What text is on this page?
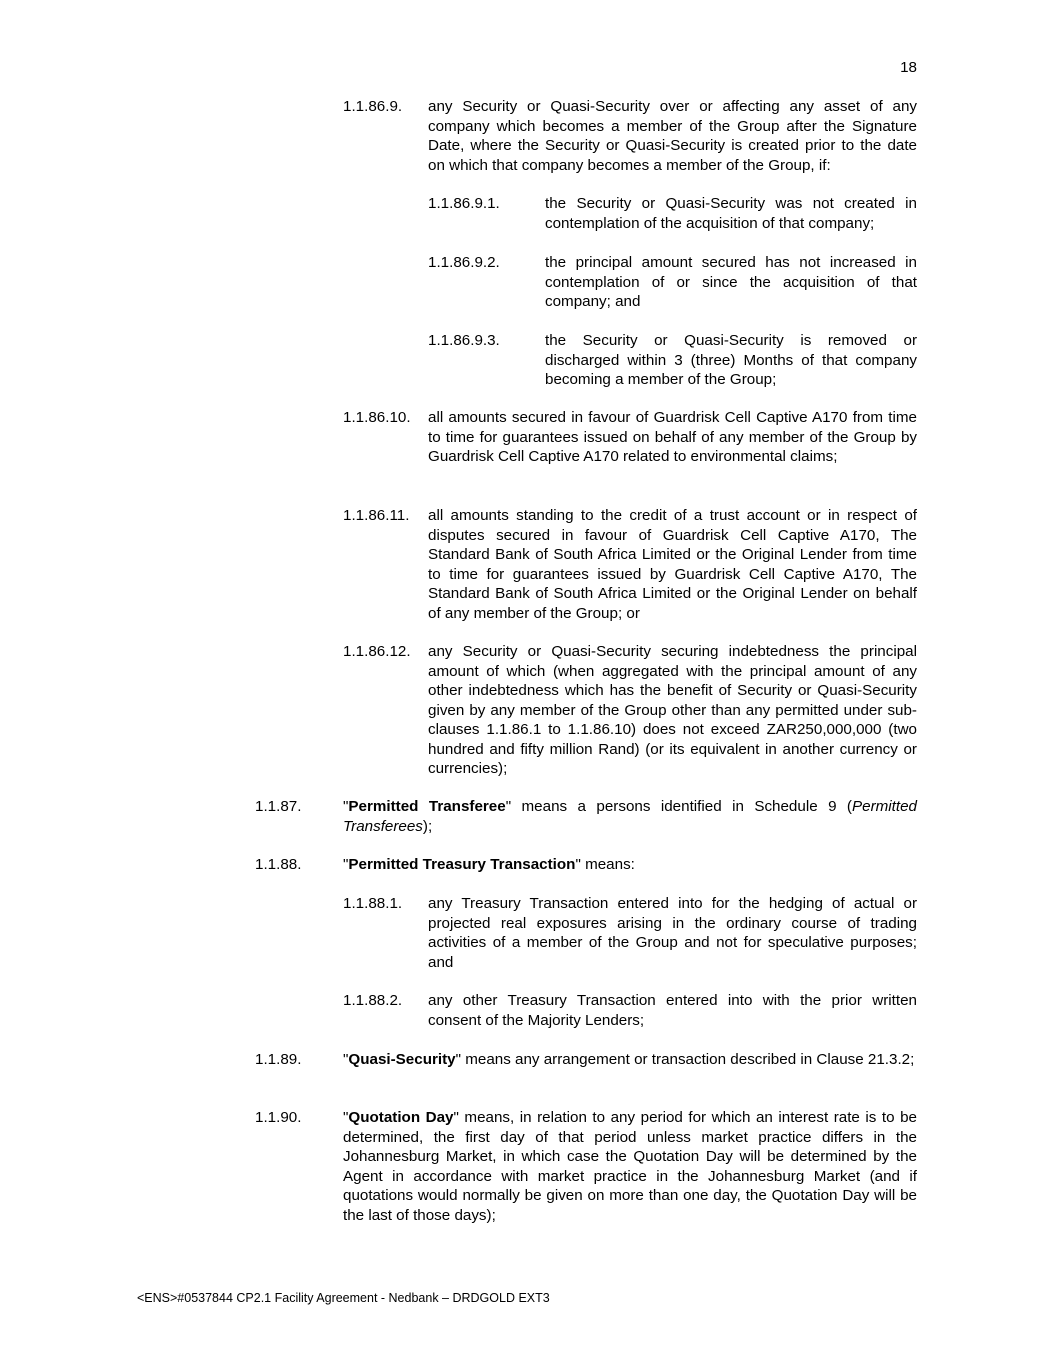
18
1.1.86.9. any Security or Quasi-Security over or affecting any asset of any company which becomes a member of the Group after the Signature Date, where the Security or Quasi-Security is created prior to the date on which that company becomes a member of the Group, if:
1.1.86.9.1.	the Security or Quasi-Security was not created in contemplation of the acquisition of that company;
1.1.86.9.2.	the principal amount secured has not increased in contemplation of or since the acquisition of that company; and
1.1.86.9.3.	the Security or Quasi-Security is removed or discharged within 3 (three) Months of that company becoming a member of the Group;
1.1.86.10. all amounts secured in favour of Guardrisk Cell Captive A170 from time to time for guarantees issued on behalf of any member of the Group by Guardrisk Cell Captive A170 related to environmental claims;
1.1.86.11. all amounts standing to the credit of a trust account or in respect of disputes secured in favour of Guardrisk Cell Captive A170, The Standard Bank of South Africa Limited or the Original Lender from time to time for guarantees issued by Guardrisk Cell Captive A170, The Standard Bank of South Africa Limited or the Original Lender on behalf of any member of the Group; or
1.1.86.12. any Security or Quasi-Security securing indebtedness the principal amount of which (when aggregated with the principal amount of any other indebtedness which has the benefit of Security or Quasi-Security given by any member of the Group other than any permitted under sub-clauses 1.1.86.1 to 1.1.86.10) does not exceed ZAR250,000,000 (two hundred and fifty million Rand) (or its equivalent in another currency or currencies);
1.1.87.	"Permitted Transferee" means a persons identified in Schedule 9 (Permitted Transferees);
1.1.88.	"Permitted Treasury Transaction" means:
1.1.88.1. any Treasury Transaction entered into for the hedging of actual or projected real exposures arising in the ordinary course of trading activities of a member of the Group and not for speculative purposes; and
1.1.88.2. any other Treasury Transaction entered into with the prior written consent of the Majority Lenders;
1.1.89.	"Quasi-Security" means any arrangement or transaction described in Clause 21.3.2;
1.1.90.	"Quotation Day" means, in relation to any period for which an interest rate is to be determined, the first day of that period unless market practice differs in the Johannesburg Market, in which case the Quotation Day will be determined by the Agent in accordance with market practice in the Johannesburg Market (and if quotations would normally be given on more than one day, the Quotation Day will be the last of those days);
<ENS>#0537844 CP2.1 Facility Agreement - Nedbank – DRDGOLD EXT3
